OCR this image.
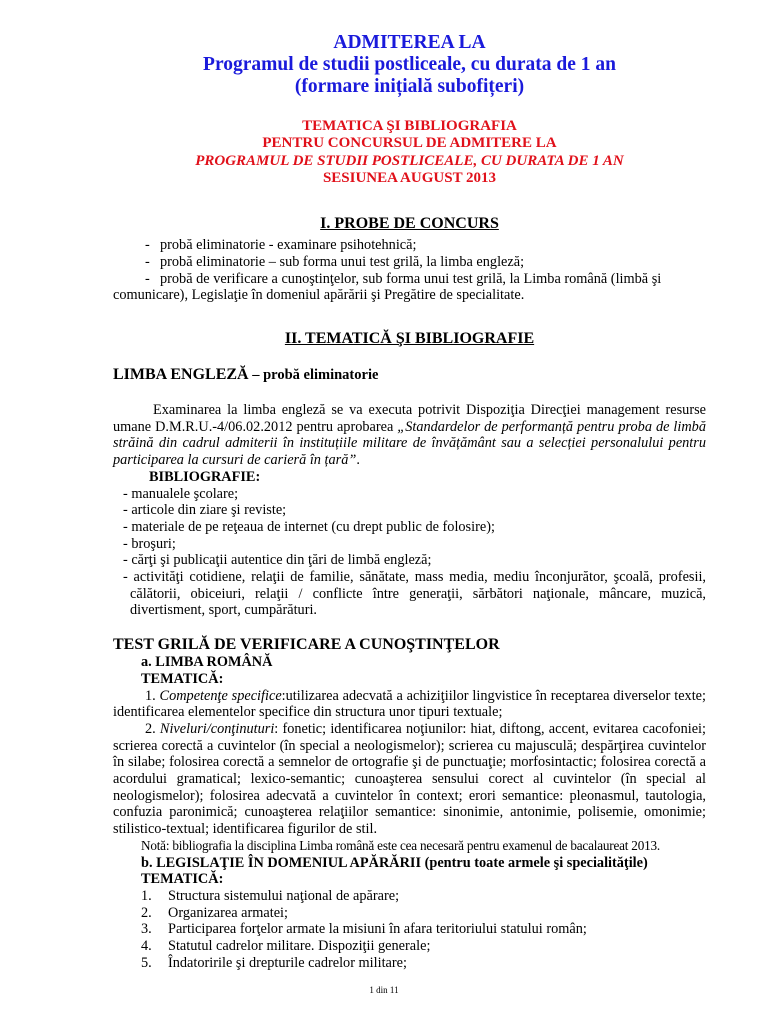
ADMITEREA LA
Programul de studii postliceale, cu durata de 1 an
(formare inițială subofițeri)
TEMATICA ŞI BIBLIOGRAFIA
PENTRU CONCURSUL DE ADMITERE LA
PROGRAMUL DE STUDII POSTLICEALE, CU DURATA DE 1 AN
SESIUNEA AUGUST 2013
I. PROBE DE CONCURS
- probă eliminatorie - examinare psihotehnică;
- probă eliminatorie – sub forma unui test grilă, la limba engleză;
- probă de verificare a cunoştinţelor, sub forma unui test grilă, la Limba română (limbă şi
comunicare), Legislaţie în domeniul apărării şi Pregătire de specialitate.
II. TEMATICĂ ŞI BIBLIOGRAFIE
LIMBA ENGLEZĂ – probă eliminatorie
Examinarea la limba engleză se va executa potrivit Dispoziţia Direcţiei management resurse umane D.M.R.U.-4/06.02.2012 pentru aprobarea „Standardelor de performanță pentru proba de limbă străină din cadrul admiterii în instituțiile militare de învățământ sau a selecției personalului pentru participarea la cursuri de carieră în țară”.
BIBLIOGRAFIE:
- manualele şcolare;
- articole din ziare şi reviste;
- materiale de pe reţeaua de internet (cu drept public de folosire);
- broşuri;
- cărţi şi publicaţii autentice din ţări de limbă engleză;
- activităţi cotidiene, relaţii de familie, sănătate, mass media, mediu înconjurător, şcoală, profesii, călătorii, obiceiuri, relaţii / conflicte între generaţii, sărbători naţionale, mâncare, muzică, divertisment, sport, cumpărături.
TEST GRILĂ DE VERIFICARE A CUNOŞTINŢELOR
a. LIMBA ROMÂNĂ
TEMATICĂ:
1. Competenţe specifice:utilizarea adecvată a achiziţiilor lingvistice în receptarea diverselor texte; identificarea elementelor specifice din structura unor tipuri textuale;
2. Niveluri/conţinuturi: fonetic; identificarea noţiunilor: hiat, diftong, accent, evitarea cacofoniei; scrierea corectă a cuvintelor (în special a neologismelor); scrierea cu majusculă; despărţirea cuvintelor în silabe; folosirea corectă a semnelor de ortografie şi de punctuaţie; morfosintactic; folosirea corectă a acordului gramatical; lexico-semantic; cunoaşterea sensului corect al cuvintelor (în special al neologismelor); folosirea adecvată a cuvintelor în context; erori semantice: pleonasmul, tautologia, confuzia paronimică; cunoaşterea relaţiilor semantice: sinonimie, antonimie, polisemie, omonimie; stilistico-textual; identificarea figurilor de stil.
Notă: bibliografia la disciplina Limba română este cea necesară pentru examenul de bacalaureat 2013.
b. LEGISLAŢIE ÎN DOMENIUL APĂRĂRII (pentru toate armele şi specialităţile)
TEMATICĂ:
1. Structura sistemului naţional de apărare;
2. Organizarea armatei;
3. Participarea forţelor armate la misiuni în afara teritoriului statului român;
4. Statutul cadrelor militare. Dispoziţii generale;
5. Îndatoririle şi drepturile cadrelor militare;
1 din 11
